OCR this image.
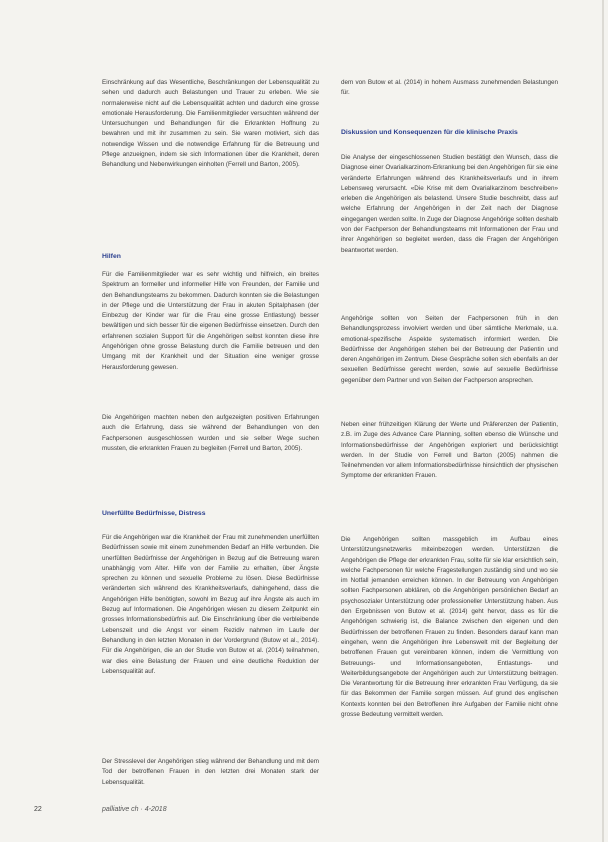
Einschränkung auf das Wesentliche, Beschränkungen der Lebensqualität zu sehen und dadurch auch Belastungen und Trauer zu erleben. Wie sie normalerweise nicht auf die Lebensqualität achten und dadurch eine grosse emotionale Herausforderung. Die Familienmitglieder versuchten während der Untersuchungen und Behandlungen für die Erkrankten Hoffnung zu bewahren und mit ihr zusammen zu sein. Sie waren motiviert, sich das notwendige Wissen und die notwendige Erfahrung für die Betreuung und Pflege anzueignen, indem sie sich Informationen über die Krankheit, deren Behandlung und Nebenwirkungen einholten (Ferrell und Barton, 2005).

Hilfen

Für die Familienmitglieder war es sehr wichtig und hilfreich, ein breites Spektrum an formeller und informeller Hilfe von Freunden, der Familie und den Behandlungsteams zu bekommen. Dadurch konnten sie die Belastungen in der Pflege und die Unterstützung der Frau in akuten Spitalphasen (der Einbezug der Kinder war für die Frau eine grosse Entlastung) besser bewältigen und sich besser für die eigenen Bedürfnisse einsetzen. Durch den erfahrenen sozialen Support für die Angehörigen selbst konnten diese ihre Angehörigen ohne grosse Belastung durch die Familie betreuen und den Umgang mit der Krankheit und der Situation eine weniger grosse Herausforderung gewesen.

Die Angehörigen machten neben den aufgezeigten positiven Erfahrungen auch die Erfahrung, dass sie während der Behandlungen von den Fachpersonen ausgeschlossen wurden und sie selber Wege suchen mussten, die erkrankten Frauen zu begleiten (Ferrell und Barton, 2005).

Unerfüllte Bedürfnisse, Distress

Für die Angehörigen war die Krankheit der Frau mit zunehmenden unerfüllten Bedürfnissen sowie mit einem zunehmenden Bedarf an Hilfe verbunden. Die unerfüllten Bedürfnisse der Angehörigen in Bezug auf die Betreuung waren unabhängig vom Alter. Hilfe von der Familie zu erhalten, über Ängste sprechen zu können und sexuelle Probleme zu lösen. Diese Bedürfnisse veränderten sich während des Krankheitsverlaufs, dahingehend, dass die Angehörigen Hilfe benötigten, sowohl im Bezug auf ihre Ängste als auch im Bezug auf Informationen. Die Angehörigen wiesen zu diesem Zeitpunkt ein grosses Informationsbedürfnis auf. Die Einschränkung über die verbleibende Lebenszeit und die Angst vor einem Rezidiv nahmen im Laufe der Behandlung in den letzten Monaten in der Vordergrund (Butow et al., 2014). Für die Angehörigen, die an der Studie von Butow et al. (2014) teilnahmen, war dies eine Belastung der Frauen und eine deutliche Reduktion der Lebensqualität auf.

Der Stresslevel der Angehörigen stieg während der Behandlung und mit dem Tod der betroffenen Frauen in den letzten drei Monaten stark der Lebensqualität.

dem von Butow et al. (2014) in hohem Ausmass zunehmenden Belastungen für.

Diskussion und Konsequenzen für die klinische Praxis

Die Analyse der eingeschlossenen Studien bestätigt den Wunsch, dass die Diagnose einer Ovarialkarzinom-Erkrankung bei den Angehörigen für sie eine veränderte Erfahrungen während des Krankheitsverlaufs und in ihrem Lebensweg verursacht. «Die Krise mit dem Ovarialkarzinom beschreiben» erleben die Angehörigen als belastend. Unsere Studie beschreibt, dass auf welche Erfahrung der Angehörigen in der Zeit nach der Diagnose eingegangen werden sollte. In Zuge der Diagnose Angehörige sollten deshalb von der Fachperson der Behandlungsteams mit Informationen der Frau und ihrer Angehörigen so begleitet werden, dass die Fragen der Angehörigen beantwortet werden.

Angehörige sollten von Seiten der Fachpersonen früh in den Behandlungsprozess involviert werden und über sämtliche Merkmale, u.a. emotional-spezifische Aspekte systematisch informiert werden. Die Bedürfnisse der Angehörigen stehen bei der Betreuung der Patientin und deren Angehörigen im Zentrum. Diese Gespräche sollen sich ebenfalls an der sexuellen Bedürfnisse gerecht werden, sowie auf sexuelle Bedürfnisse gegenüber dem Partner und von Seiten der Fachperson ansprechen.

Neben einer frühzeitigen Klärung der Werte und Präferenzen der Patientin, z.B. im Zuge des Advance Care Planning, sollten ebenso die Wünsche und Informationsbedürfnisse der Angehörigen exploriert und berücksichtigt werden. In der Studie von Ferrell und Barton (2005) nahmen die Teilnehmenden vor allem Informationsbedürfnisse hinsichtlich der physischen Symptome der erkrankten Frauen.

Die Angehörigen sollten massgeblich im Aufbau eines Unterstützungsnetzwerks miteinbezogen werden. Unterstützen die Angehörigen die Pflege der erkrankten Frau, sollte für sie klar ersichtlich sein, welche Fachpersonen für welche Fragestellungen zuständig sind und wo sie im Notfall jemanden erreichen können. In der Betreuung von Angehörigen sollten Fachpersonen abklären, ob die Angehörigen persönlichen Bedarf an psychosozialer Unterstützung oder professioneller Unterstützung haben. Aus den Ergebnissen von Butow et al. (2014) geht hervor, dass es für die Angehörigen schwierig ist, die Balance zwischen den eigenen und den Bedürfnissen der betroffenen Frauen zu finden. Besonders darauf kann man eingehen, wenn die Angehörigen ihre Lebenswelt mit der Begleitung der betroffenen Frauen gut vereinbaren können, indem die Vermittlung von Betreuungs- und Informationsangeboten, Entlastungs- und Weiterbildungsangebote der Angehörigen auch zur Unterstützung beitragen. Die Verantwortung für die Betreuung ihrer erkrankten Frau Verfügung, da sie für das Bekommen der Familie sorgen müssen. Auf grund des englischen Kontexts konnten bei den Betroffenen ihre Aufgaben der Familie nicht ohne grosse Bedeutung vermittelt werden.

22	palliative ch · 4-2018
